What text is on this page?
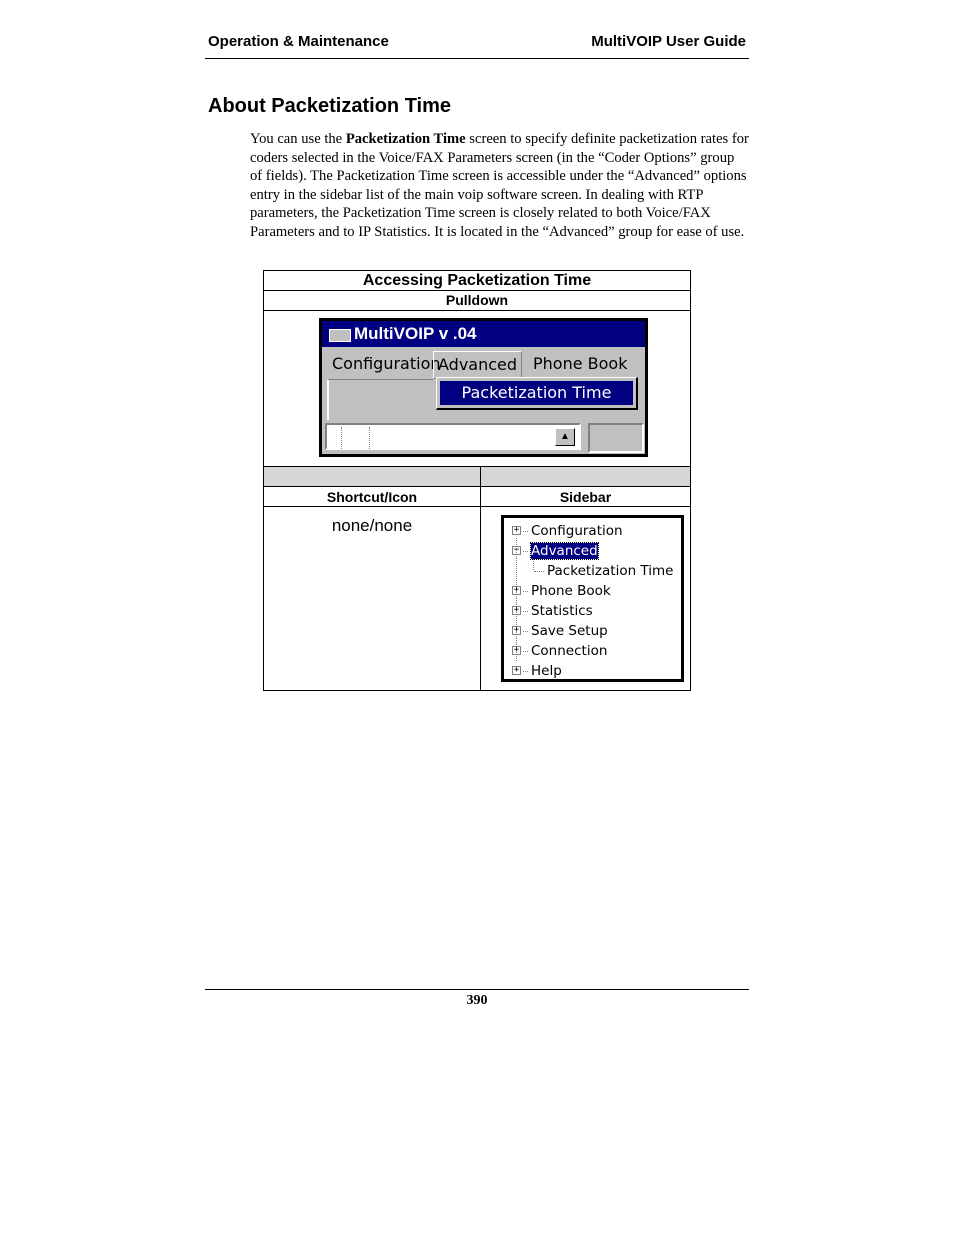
Operation & Maintenance	MultiVOIP User Guide
About Packetization Time

You can use the Packetization Time screen to specify definite packetization rates for coders selected in the Voice/FAX Parameters screen (in the “Coder Options” group of fields). The Packetization Time screen is accessible under the “Advanced” options entry in the sidebar list of the main voip software screen. In dealing with RTP parameters, the Packetization Time screen is closely related to both Voice/FAX Parameters and to IP Statistics. It is located in the “Advanced” group for ease of use.

Accessing Packetization Time
Pulldown
Shortcut/Icon	Sidebar
none/none
MultiVOIP v .04
Configuration
Advanced Phone Book
Packetization Time
▲
+ Configuration
− Advanced
Packetization Time
+ Phone Book
+ Statistics
+ Save Setup
+ Connection
+ Help
390
